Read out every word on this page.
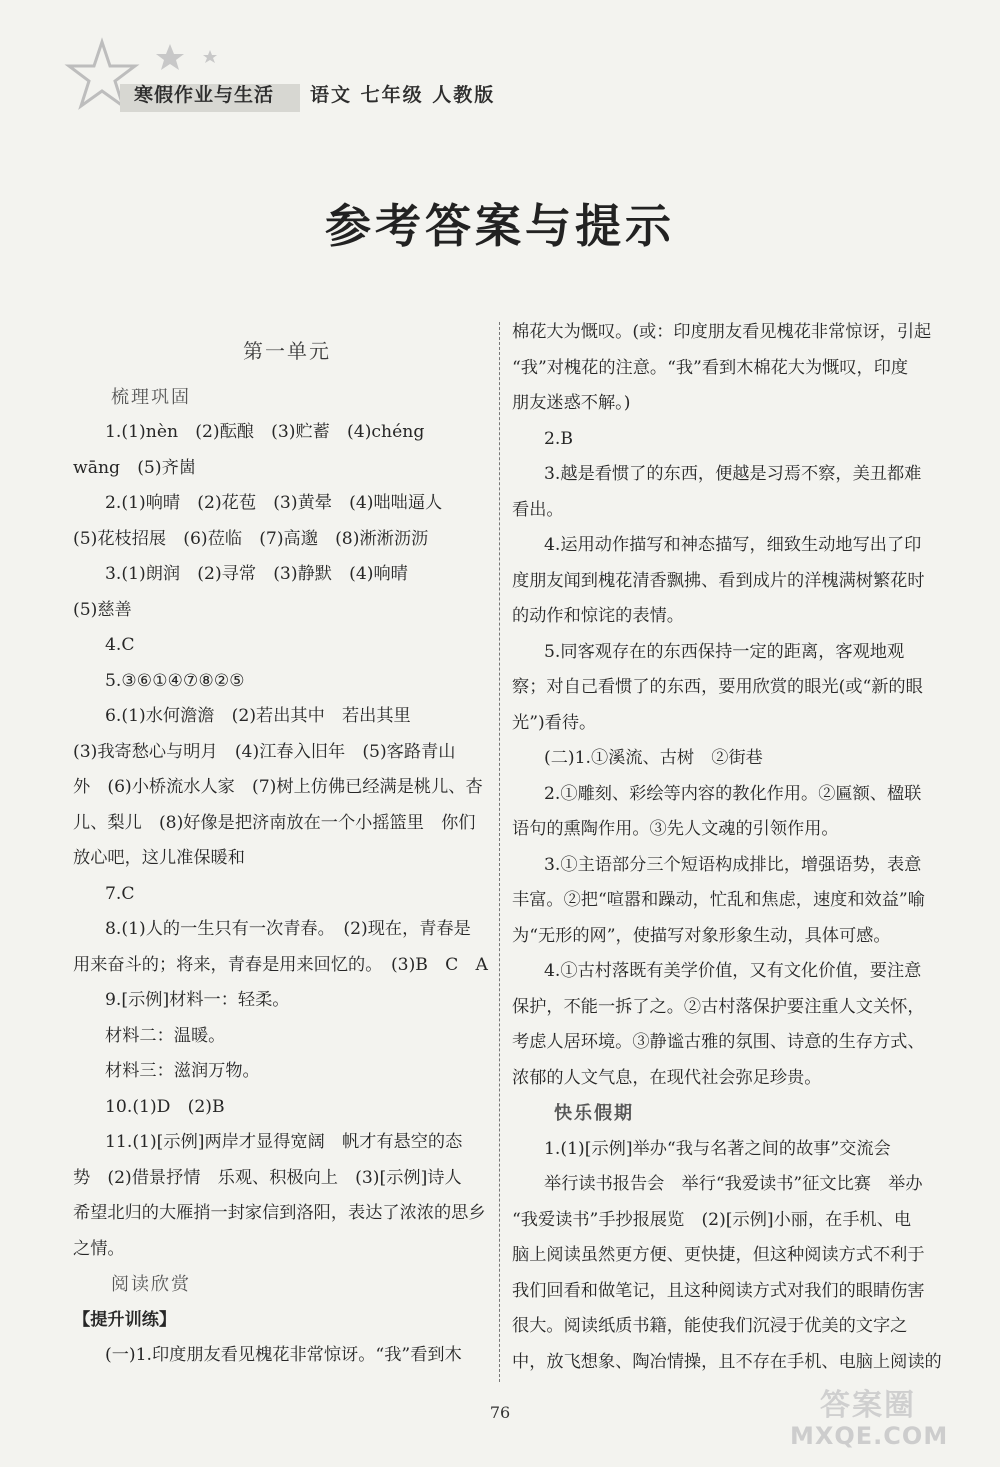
寒假作业与生活 语文 七年级 人教版
参考答案与提示
第一单元
梳理巩固
1.(1)nèn　(2)酝酿　(3)贮蓄　(4)chéng
wāng　(5)齐崮
2.(1)响晴　(2)花苞　(3)黄晕　(4)咄咄逼人
(5)花枝招展　(6)莅临　(7)高邈　(8)淅淅沥沥
3.(1)朗润　(2)寻常　(3)静默　(4)响晴
(5)慈善
4.C
5.③⑥①④⑦⑧②⑤
6.(1)水何澹澹　(2)若出其中　若出其里
(3)我寄愁心与明月　(4)江春入旧年　(5)客路青山
外　(6)小桥流水人家　(7)树上仿佛已经满是桃儿、杏
儿、梨儿　(8)好像是把济南放在一个小摇篮里　你们
放心吧，这儿准保暖和
7.C
8.(1)人的一生只有一次青春。　(2)现在，青春是
用来奋斗的；将来，青春是用来回忆的。　(3)B　C　A
9.[示例]材料一：轻柔。
材料二：温暖。
材料三：滋润万物。
10.(1)D　(2)B
11.(1)[示例]两岸才显得宽阔　帆才有悬空的态
势　(2)借景抒情　乐观、积极向上　(3)[示例]诗人
希望北归的大雁捎一封家信到洛阳，表达了浓浓的思乡
之情。
阅读欣赏
【提升训练】
(一)1.印度朋友看见槐花非常惊讶。“我”看到木
棉花大为慨叹。(或：印度朋友看见槐花非常惊讶，引起
“我”对槐花的注意。“我”看到木棉花大为慨叹，印度
朋友迷惑不解。)
2.B
3.越是看惯了的东西，便越是习焉不察，美丑都难
看出。
4.运用动作描写和神态描写，细致生动地写出了印
度朋友闻到槐花清香飘拂、看到成片的洋槐满树繁花时
的动作和惊诧的表情。
5.同客观存在的东西保持一定的距离，客观地观
察；对自己看惯了的东西，要用欣赏的眼光(或“新的眼
光”)看待。
(二)1.①溪流、古树　②街巷
2.①雕刻、彩绘等内容的教化作用。②匾额、楹联
语句的熏陶作用。③先人文魂的引领作用。
3.①主语部分三个短语构成排比，增强语势，表意
丰富。②把“喧嚣和躁动，忙乱和焦虑，速度和效益”喻
为“无形的网”，使描写对象形象生动，具体可感。
4.①古村落既有美学价值，又有文化价值，要注意
保护，不能一拆了之。②古村落保护要注重人文关怀，
考虑人居环境。③静谧古雅的氛围、诗意的生存方式、
浓郁的人文气息，在现代社会弥足珍贵。
快乐假期
1.(1)[示例]举办“我与名著之间的故事”交流会
举行读书报告会　举行“我爱读书”征文比赛　举办
“我爱读书”手抄报展览　(2)[示例]小丽，在手机、电
脑上阅读虽然更方便、更快捷，但这种阅读方式不利于
我们回看和做笔记，且这种阅读方式对我们的眼睛伤害
很大。阅读纸质书籍，能使我们沉浸于优美的文字之
中，放飞想象、陶冶情操，且不存在手机、电脑上阅读的
76	答案圈
MXQE.COM
